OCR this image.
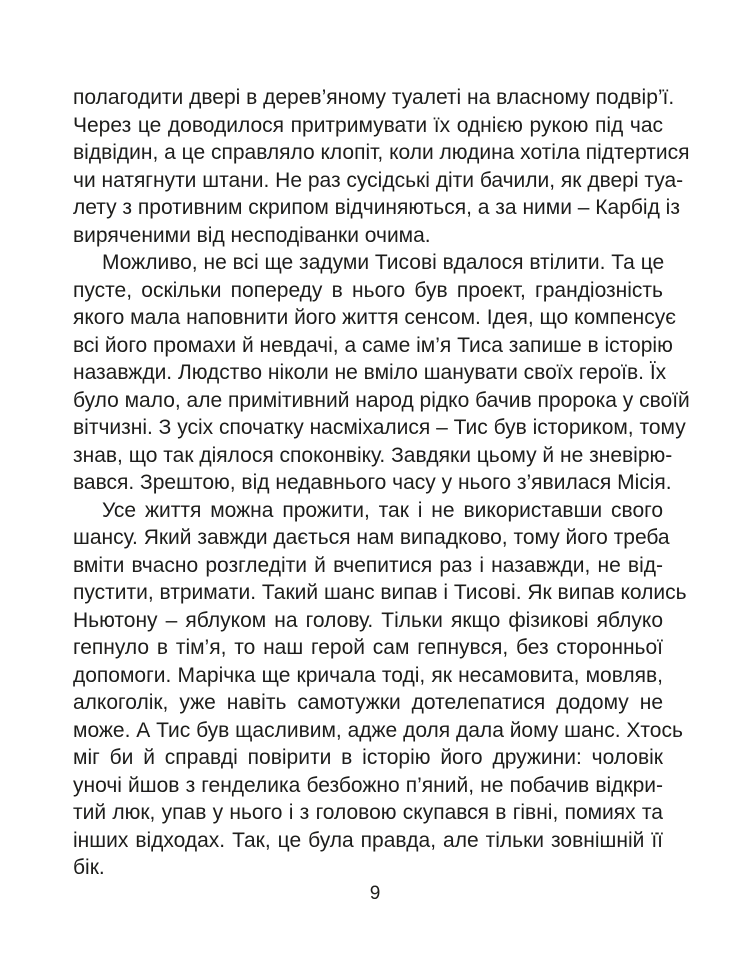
полагодити двері в дерев’яному туалеті на власному подвір’ї.
Через це доводилося притримувати їх однією рукою під час
відвідин, а це справляло клопіт, коли людина хотіла підтертися
чи натягнути штани. Не раз сусідські діти бачили, як двері туа-
лету з противним скрипом відчиняються, а за ними – Карбід із
виряченими від несподіванки очима.
Можливо, не всі ще задуми Тисові вдалося втілити. Та це
пусте, оскільки попереду в нього був проект, грандіозність
якого мала наповнити його життя сенсом. Ідея, що компенсує
всі його промахи й невдачі, а саме ім’я Тиса запише в історію
назавжди. Людство ніколи не вміло шанувати своїх героїв. Їх
було мало, але примітивний народ рідко бачив пророка у своїй
вітчизні. З усіх спочатку насміхалися – Тис був істориком, тому
знав, що так діялося споконвіку. Завдяки цьому й не зневірю-
вався. Зрештою, від недавнього часу у нього з’явилася Місія.
Усе життя можна прожити, так і не використавши свого
шансу. Який завжди дається нам випадково, тому його треба
вміти вчасно розгледіти й вчепитися раз і назавжди, не від-
пустити, втримати. Такий шанс випав і Тисові. Як випав колись
Ньютону – яблуком на голову. Тільки якщо фізикові яблуко
гепнуло в тім’я, то наш герой сам гепнувся, без сторонньої
допомоги. Марічка ще кричала тоді, як несамовита, мовляв,
алкоголік, уже навіть самотужки дотелепатися додому не
може. А Тис був щасливим, адже доля дала йому шанс. Хтось
міг би й справді повірити в історію його дружини: чоловік
уночі йшов з генделика безбожно п’яний, не побачив відкри-
тий люк, упав у нього і з головою скупався в гівні, помиях та
інших відходах. Так, це була правда, але тільки зовнішній її
бік.
9
